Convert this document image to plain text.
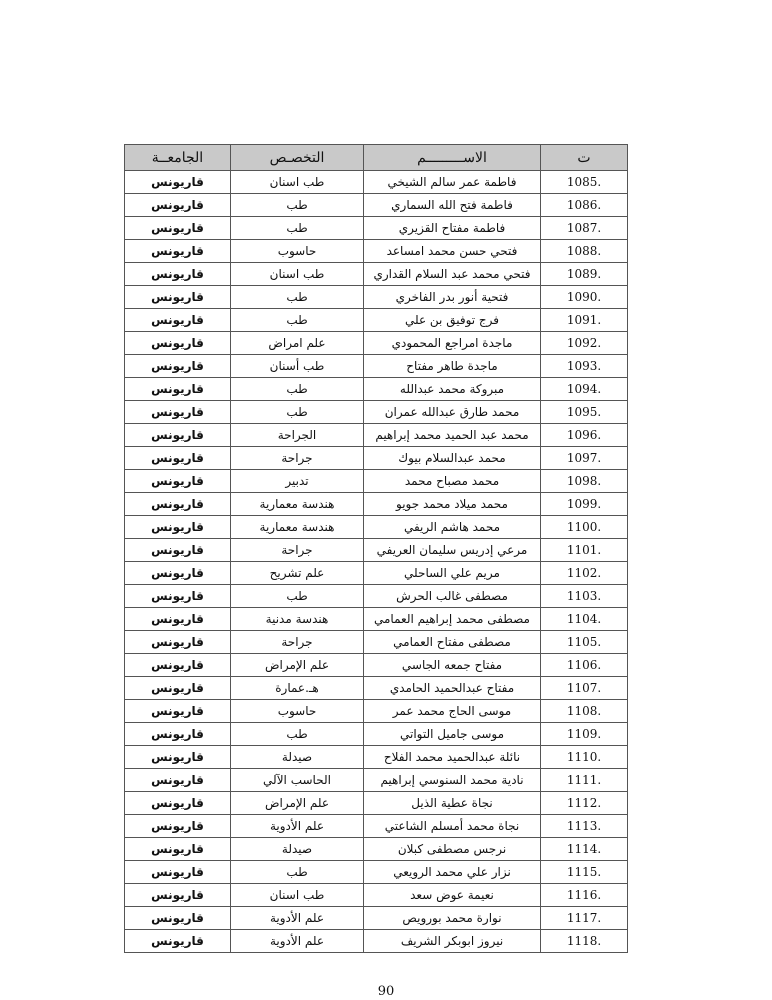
ت	الاســـــــــم	التخصـص	الجامعــة
1085.	فاطمة عمر سالم الشيخي	طب اسنان	قاريونس
1086.	فاطمة فتح الله السماري	طب	قاريونس
1087.	فاطمة مفتاح القزيري	طب	قاريونس
1088.	فتحي حسن محمد امساعد	حاسوب	قاريونس
1089.	فتحي محمد عبد السلام القداري	طب اسنان	قاريونس
1090.	فتحية أنور بدر الفاخري	طب	قاريونس
1091.	فرج توفيق بن علي	طب	قاريونس
1092.	ماجدة امراجع المحمودي	علم امراض	قاريونس
1093.	ماجدة طاهر مفتاح	طب أسنان	قاريونس
1094.	مبروكة محمد عبدالله	طب	قاريونس
1095.	محمد طارق عبدالله عمران	طب	قاريونس
1096.	محمد عبد الحميد محمد إبراهيم	الجراحة	قاريونس
1097.	محمد عبدالسلام بيوك	جراحة	قاريونس
1098.	محمد مصباح محمد	تدبير	قاريونس
1099.	محمد ميلاد محمد جويو	هندسة معمارية	قاريونس
1100.	محمد هاشم الريفي	هندسة معمارية	قاريونس
1101.	مرعي إدريس سليمان العريفي	جراحة	قاريونس
1102.	مريم علي الساحلي	علم تشريح	قاريونس
1103.	مصطفى غالب الحرش	طب	قاريونس
1104.	مصطفى محمد إبراهيم العمامي	هندسة مدنية	قاريونس
1105.	مصطفى مفتاح العمامي	جراحة	قاريونس
1106.	مفتاح جمعه الجاسي	علم الإمراض	قاريونس
1107.	مفتاح عبدالحميد الحامدي	هـ.عمارة	قاريونس
1108.	موسى الحاج محمد عمر	حاسوب	قاريونس
1109.	موسى جاميل التواتي	طب	قاريونس
1110.	نائلة عبدالحميد محمد الفلاح	صيدلة	قاريونس
1111.	نادية محمد السنوسي إبراهيم	الحاسب الآلي	قاريونس
1112.	نجاة عطية الذيل	علم الإمراض	قاريونس
1113.	نجاة محمد أمسلم الشاعتي	علم الأدوية	قاريونس
1114.	نرجس مصطفى كبلان	صيدلة	قاريونس
1115.	نزار علي محمد الرويعي	طب	قاريونس
1116.	نعيمة عوض سعد	طب اسنان	قاريونس
1117.	نوارة محمد بورويص	علم الأدوية	قاريونس
1118.	نيروز ابوبكر الشريف	علم الأدوية	قاريونس
90
